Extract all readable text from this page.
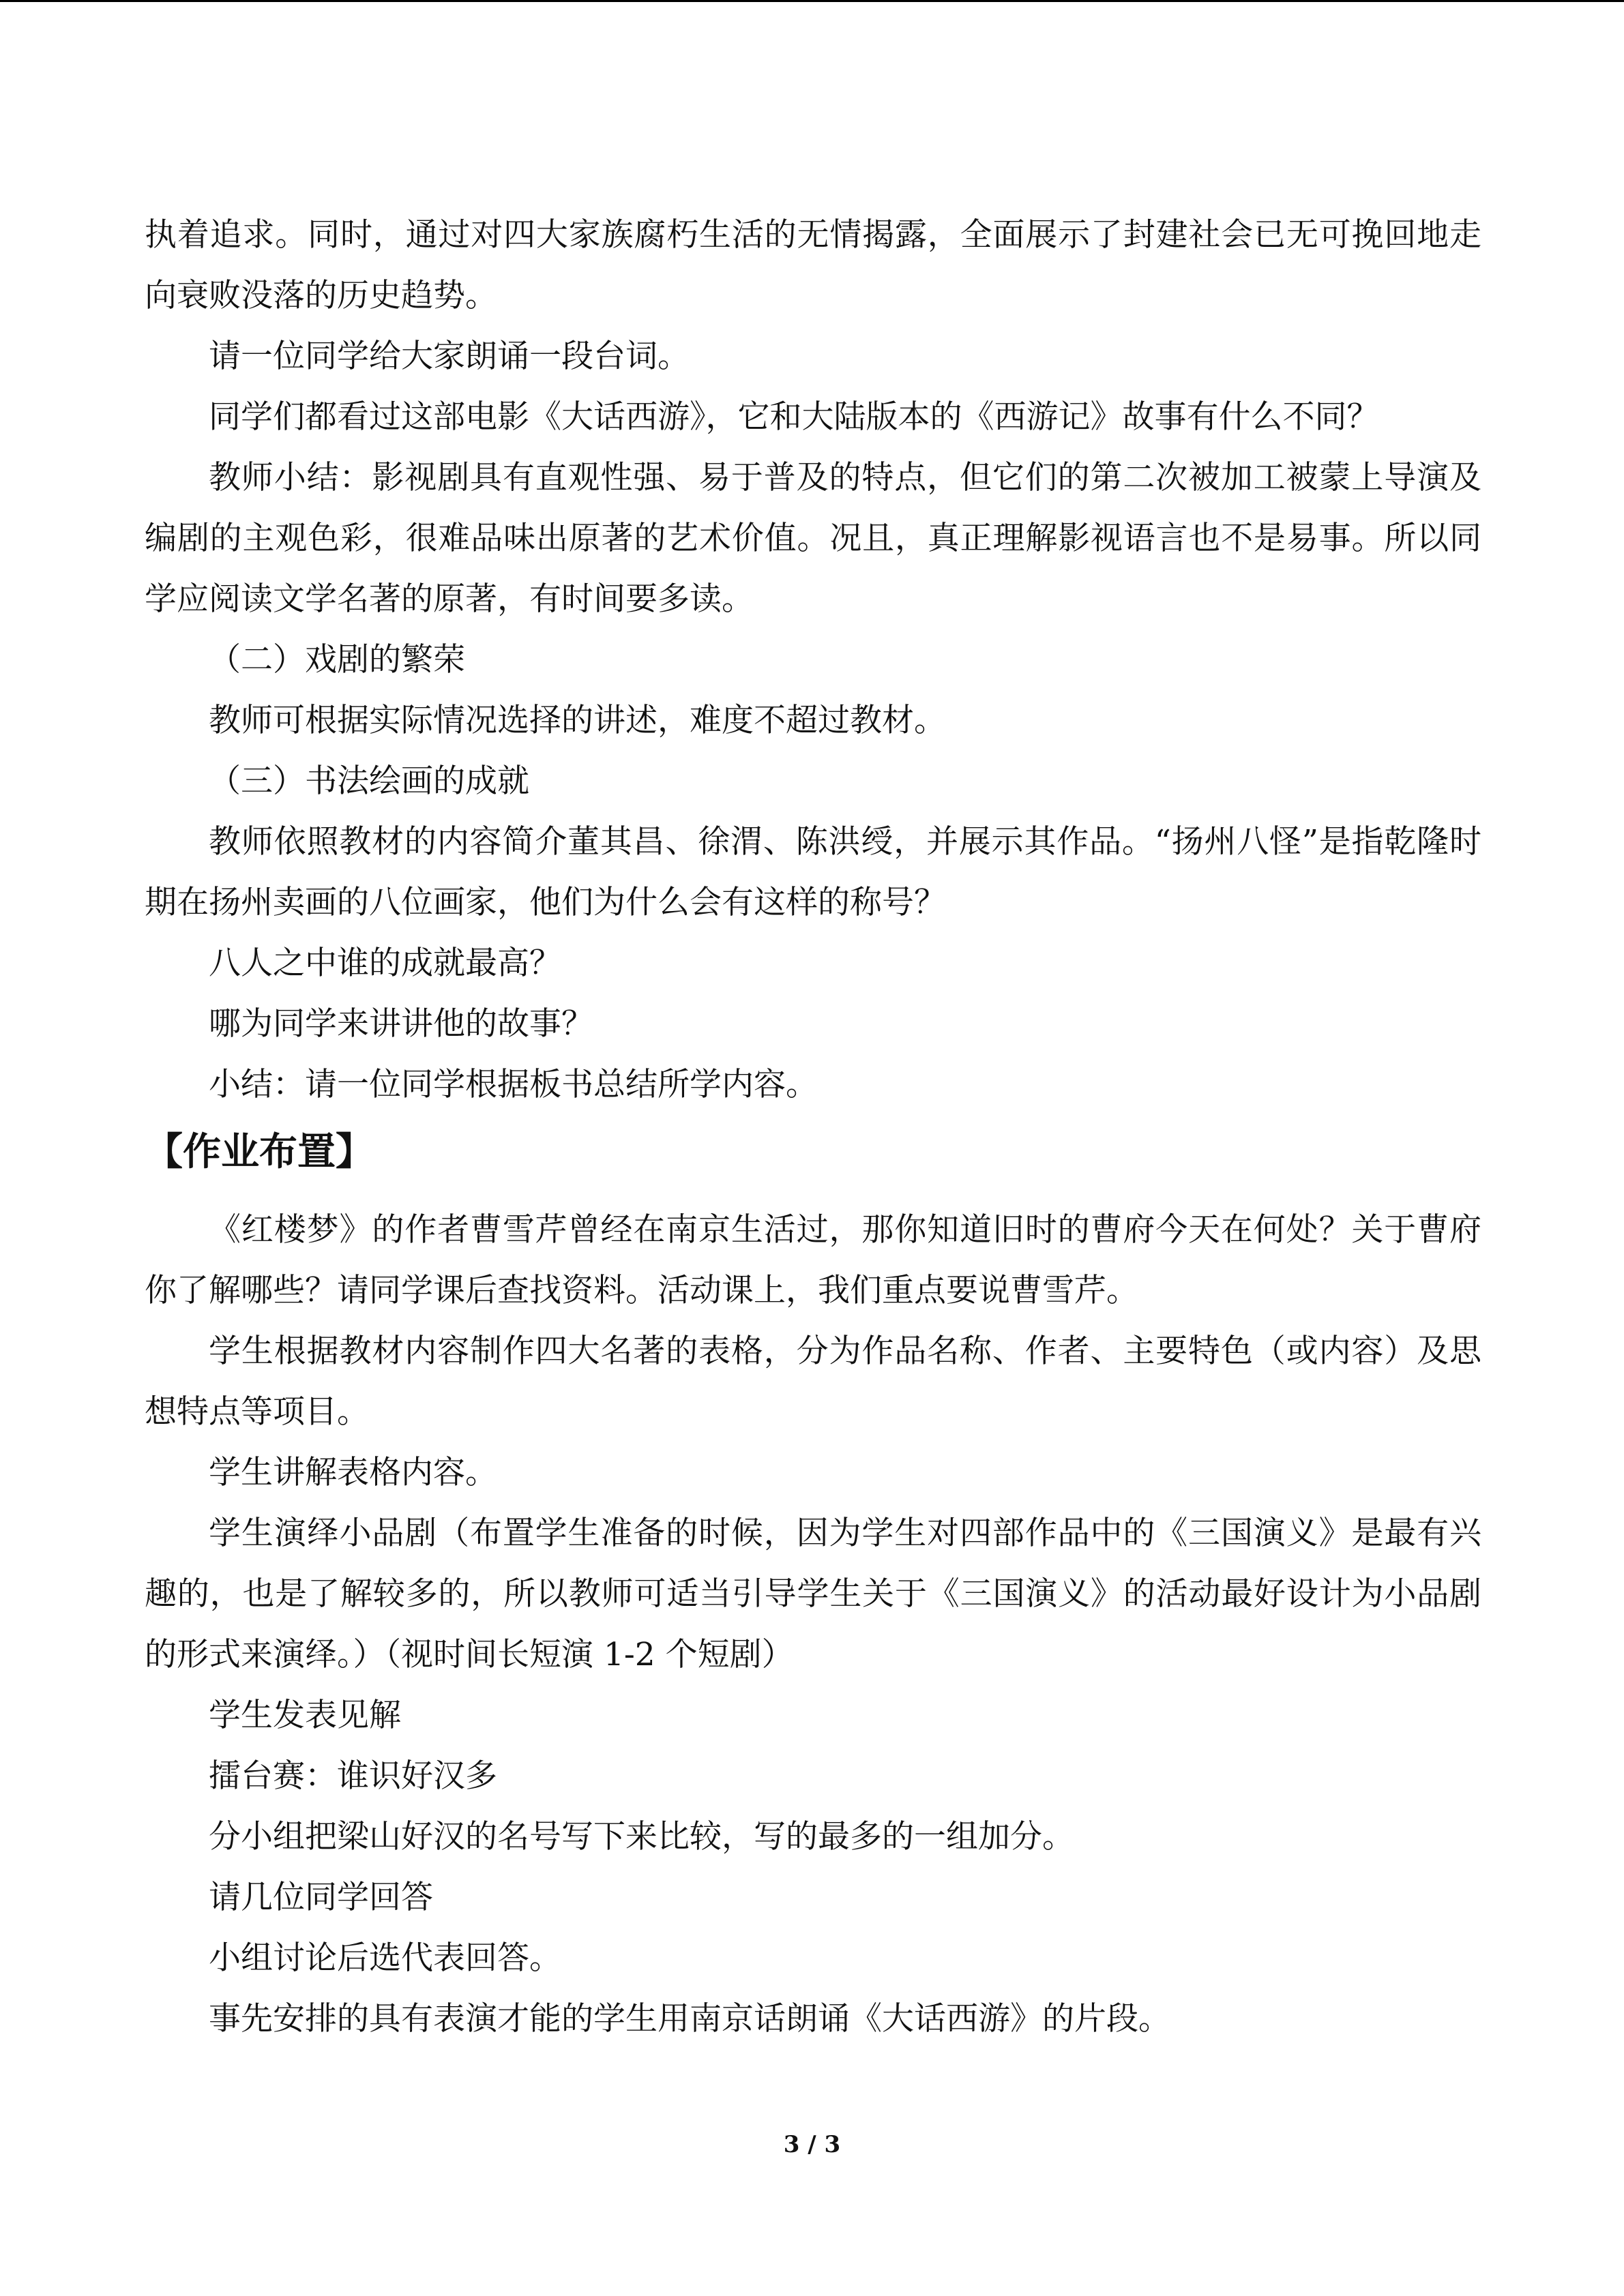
执着追求。同时，通过对四大家族腐朽生活的无情揭露，全面展示了封建社会已无可挽回地走向衰败没落的历史趋势。

请一位同学给大家朗诵一段台词。

同学们都看过这部电影《大话西游》，它和大陆版本的《西游记》故事有什么不同？

教师小结：影视剧具有直观性强、易于普及的特点，但它们的第二次被加工被蒙上导演及编剧的主观色彩，很难品味出原著的艺术价值。况且，真正理解影视语言也不是易事。所以同学应阅读文学名著的原著，有时间要多读。

（二）戏剧的繁荣

教师可根据实际情况选择的讲述，难度不超过教材。

（三）书法绘画的成就

教师依照教材的内容简介董其昌、徐渭、陈洪绶，并展示其作品。“扬州八怪”是指乾隆时期在扬州卖画的八位画家，他们为什么会有这样的称号？

八人之中谁的成就最高？

哪为同学来讲讲他的故事？

小结：请一位同学根据板书总结所学内容。

【作业布置】

《红楼梦》的作者曹雪芹曾经在南京生活过，那你知道旧时的曹府今天在何处？关于曹府你了解哪些？请同学课后查找资料。活动课上，我们重点要说曹雪芹。

学生根据教材内容制作四大名著的表格，分为作品名称、作者、主要特色（或内容）及思想特点等项目。

学生讲解表格内容。

学生演绎小品剧（布置学生准备的时候，因为学生对四部作品中的《三国演义》是最有兴趣的，也是了解较多的，所以教师可适当引导学生关于《三国演义》的活动最好设计为小品剧的形式来演绎。）（视时间长短演 1-2 个短剧）

学生发表见解

擂台赛：谁识好汉多

分小组把梁山好汉的名号写下来比较，写的最多的一组加分。

请几位同学回答

小组讨论后选代表回答。

事先安排的具有表演才能的学生用南京话朗诵《大话西游》的片段。

3 / 3
